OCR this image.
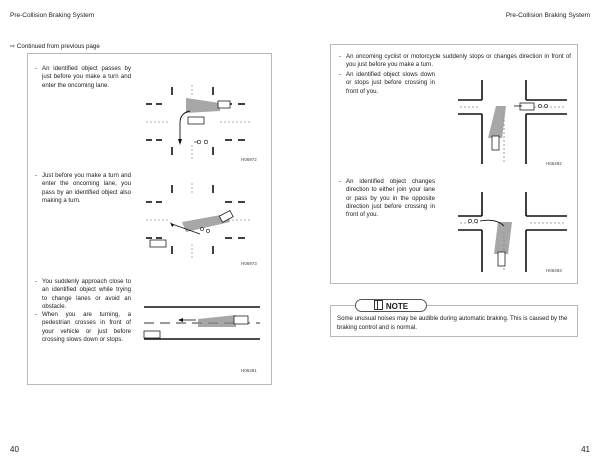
Pre-Collision Braking System	Pre-Collision Braking System
⇨ Continued from previous page
- An identified object passes by just before you make a turn and enter the oncoming lane.
- Just before you make a turn and enter the oncoming lane, you pass by an identified object also making a turn.
- You suddenly approach close to an identified object while trying to change lanes or avoid an obstacle.
- When you are turning, a pedestrian crosses in front of your vehicle or just before crossing slows down or stops.
H06972
H06973
H06491
- An oncoming cyclist or motorcycle suddenly stops or changes direction in front of you just before you make a turn.
- An identified object slows down or stops just before crossing in front of you.
- An identified object changes direction to either join your lane or pass by you in the opposite direction just before crossing in front of you.
H06492
H06493
NOTE
Some unusual noises may be audible during automatic braking. This is caused by the braking control and is normal.
40	41
